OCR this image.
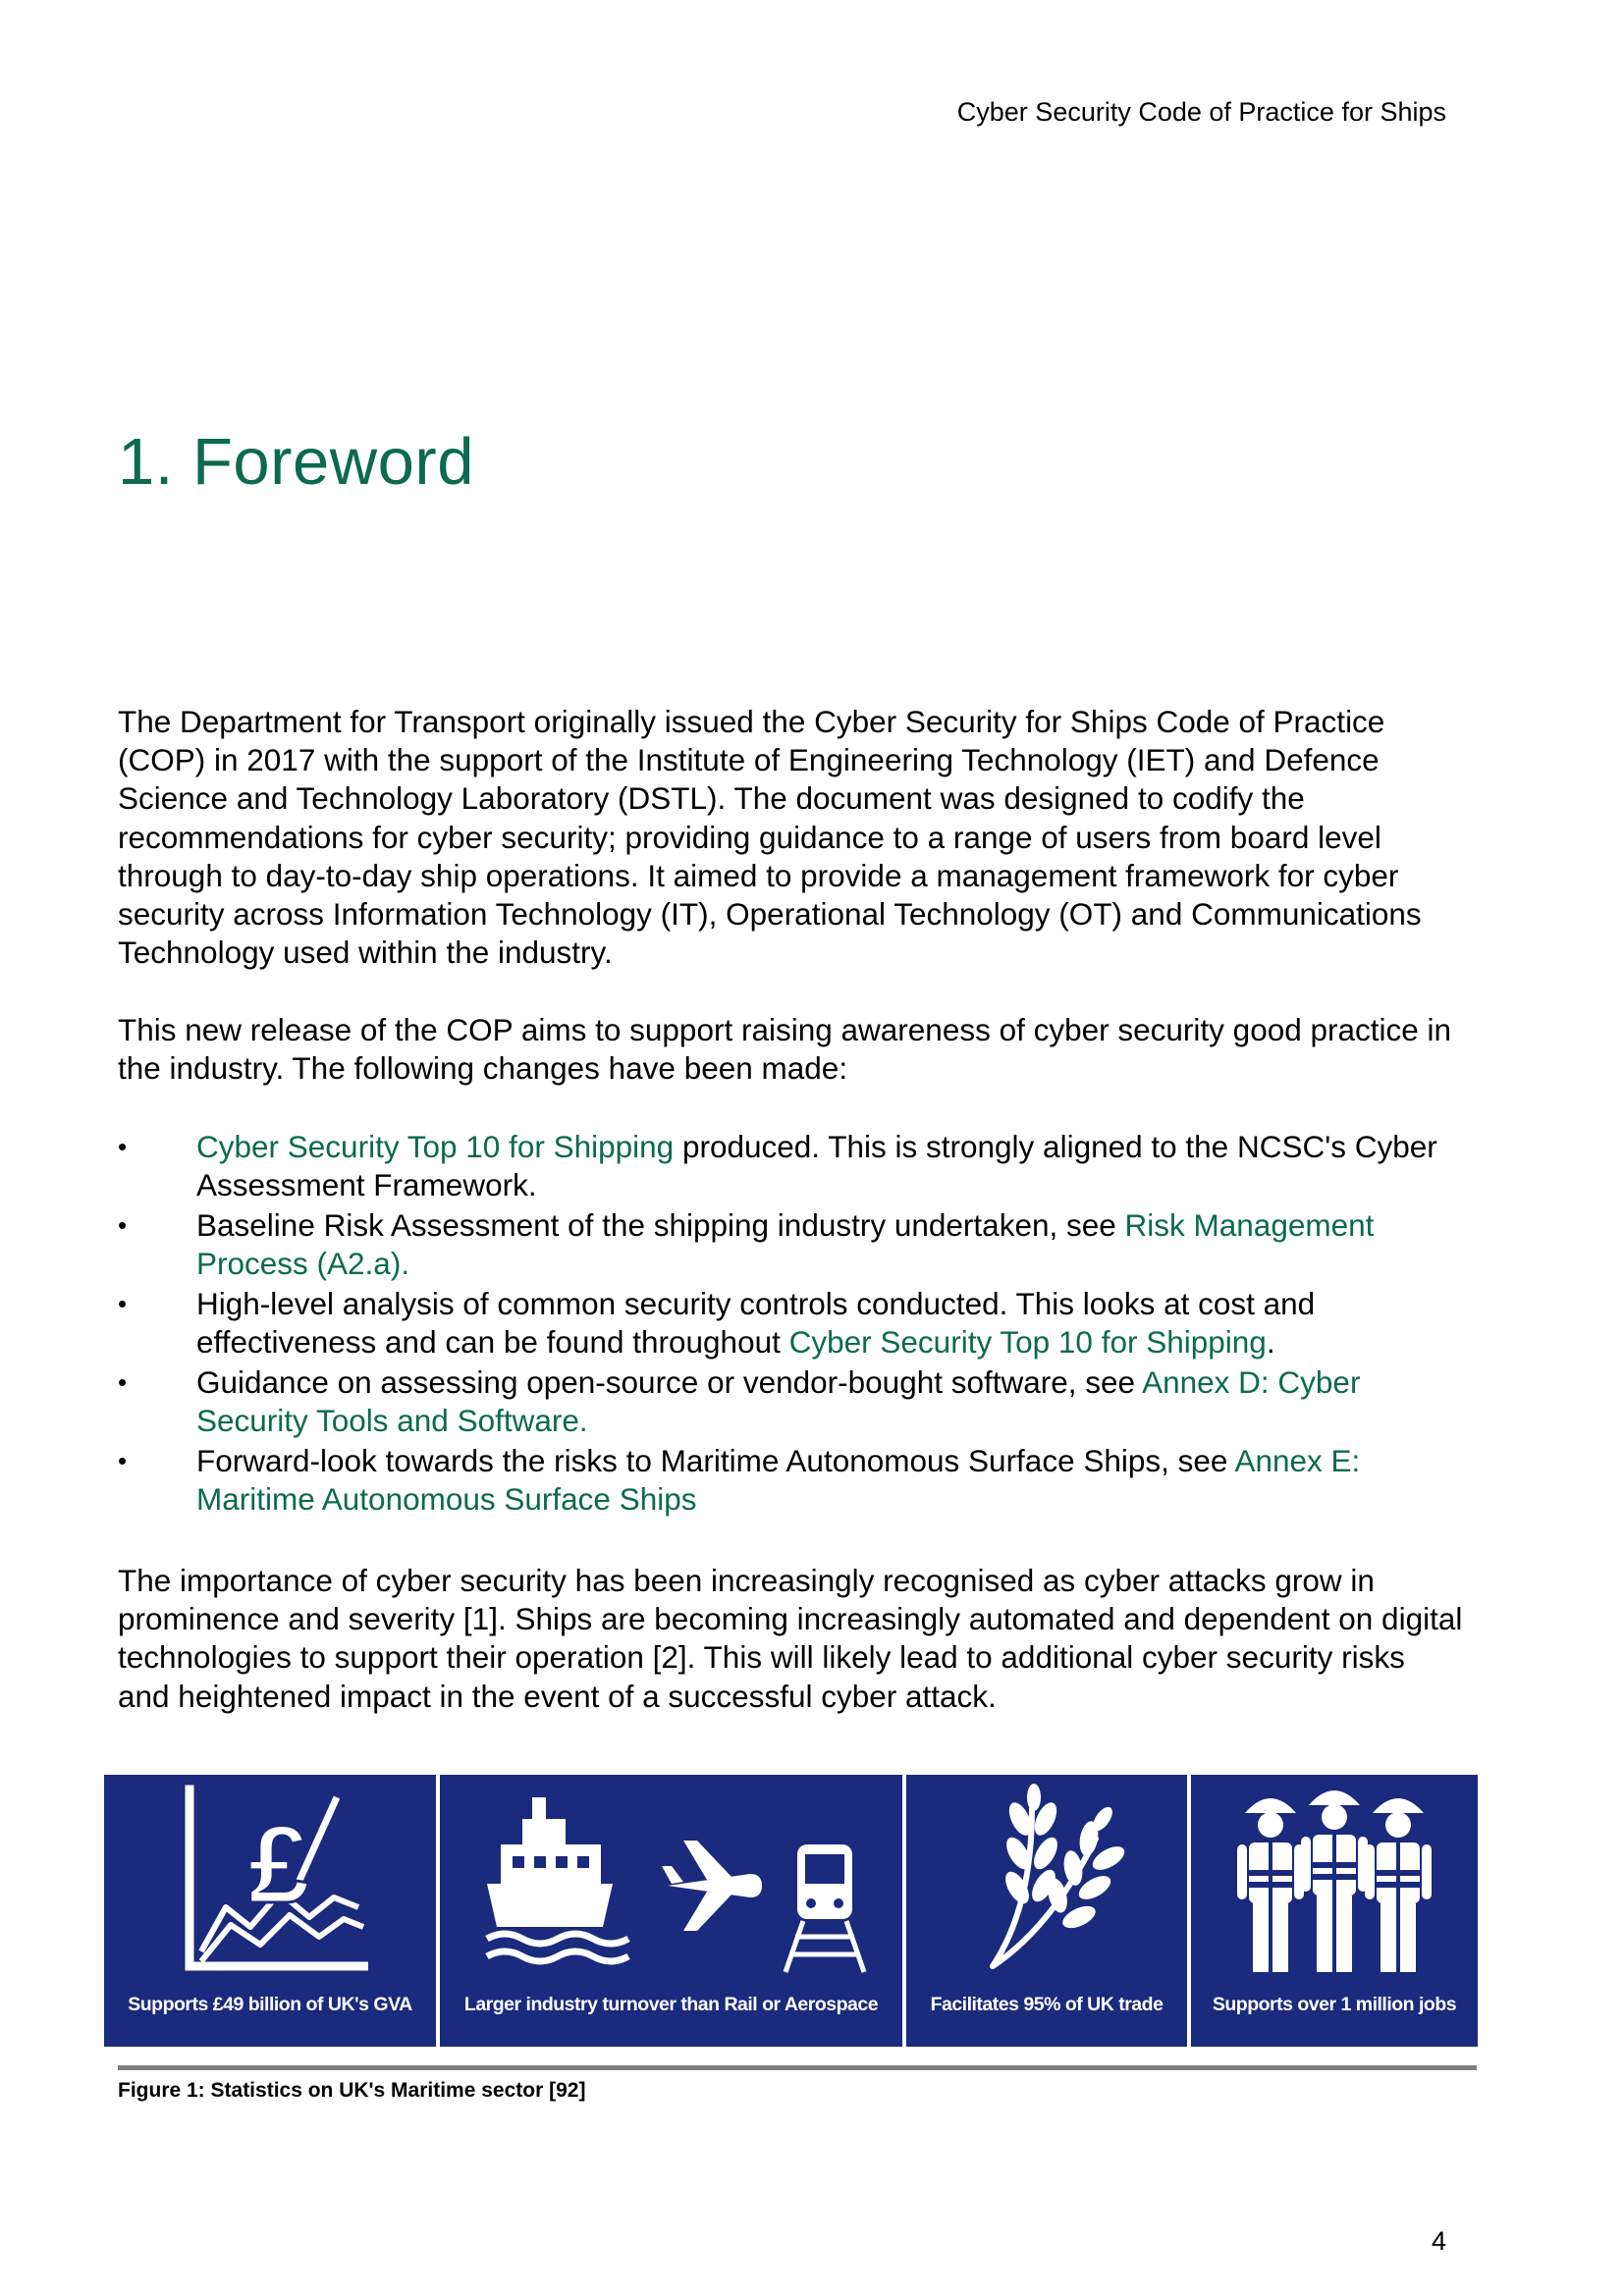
Cyber Security Code of Practice for Ships
1. Foreword

The Department for Transport originally issued the Cyber Security for Ships Code of Practice (COP) in 2017 with the support of the Institute of Engineering Technology (IET) and Defence Science and Technology Laboratory (DSTL). The document was designed to codify the recommendations for cyber security; providing guidance to a range of users from board level through to day-to-day ship operations. It aimed to provide a management framework for cyber security across Information Technology (IT), Operational Technology (OT) and Communications Technology used within the industry.

This new release of the COP aims to support raising awareness of cyber security good practice in the industry. The following changes have been made:

•	Cyber Security Top 10 for Shipping produced. This is strongly aligned to the NCSC's Cyber Assessment Framework.
•	Baseline Risk Assessment of the shipping industry undertaken, see Risk Management Process (A2.a).
•	High-level analysis of common security controls conducted. This looks at cost and effectiveness and can be found throughout Cyber Security Top 10 for Shipping.
•	Guidance on assessing open-source or vendor-bought software, see Annex D: Cyber Security Tools and Software.
•	Forward-look towards the risks to Maritime Autonomous Surface Ships, see Annex E: Maritime Autonomous Surface Ships

The importance of cyber security has been increasingly recognised as cyber attacks grow in prominence and severity [1]. Ships are becoming increasingly automated and dependent on digital technologies to support their operation [2]. This will likely lead to additional cyber security risks and heightened impact in the event of a successful cyber attack.

£
Supports £49 billion of UK's GVA	Larger industry turnover than Rail or Aerospace	Facilitates 95% of UK trade	Supports over 1 million jobs
Figure 1: Statistics on UK's Maritime sector [92]
4
